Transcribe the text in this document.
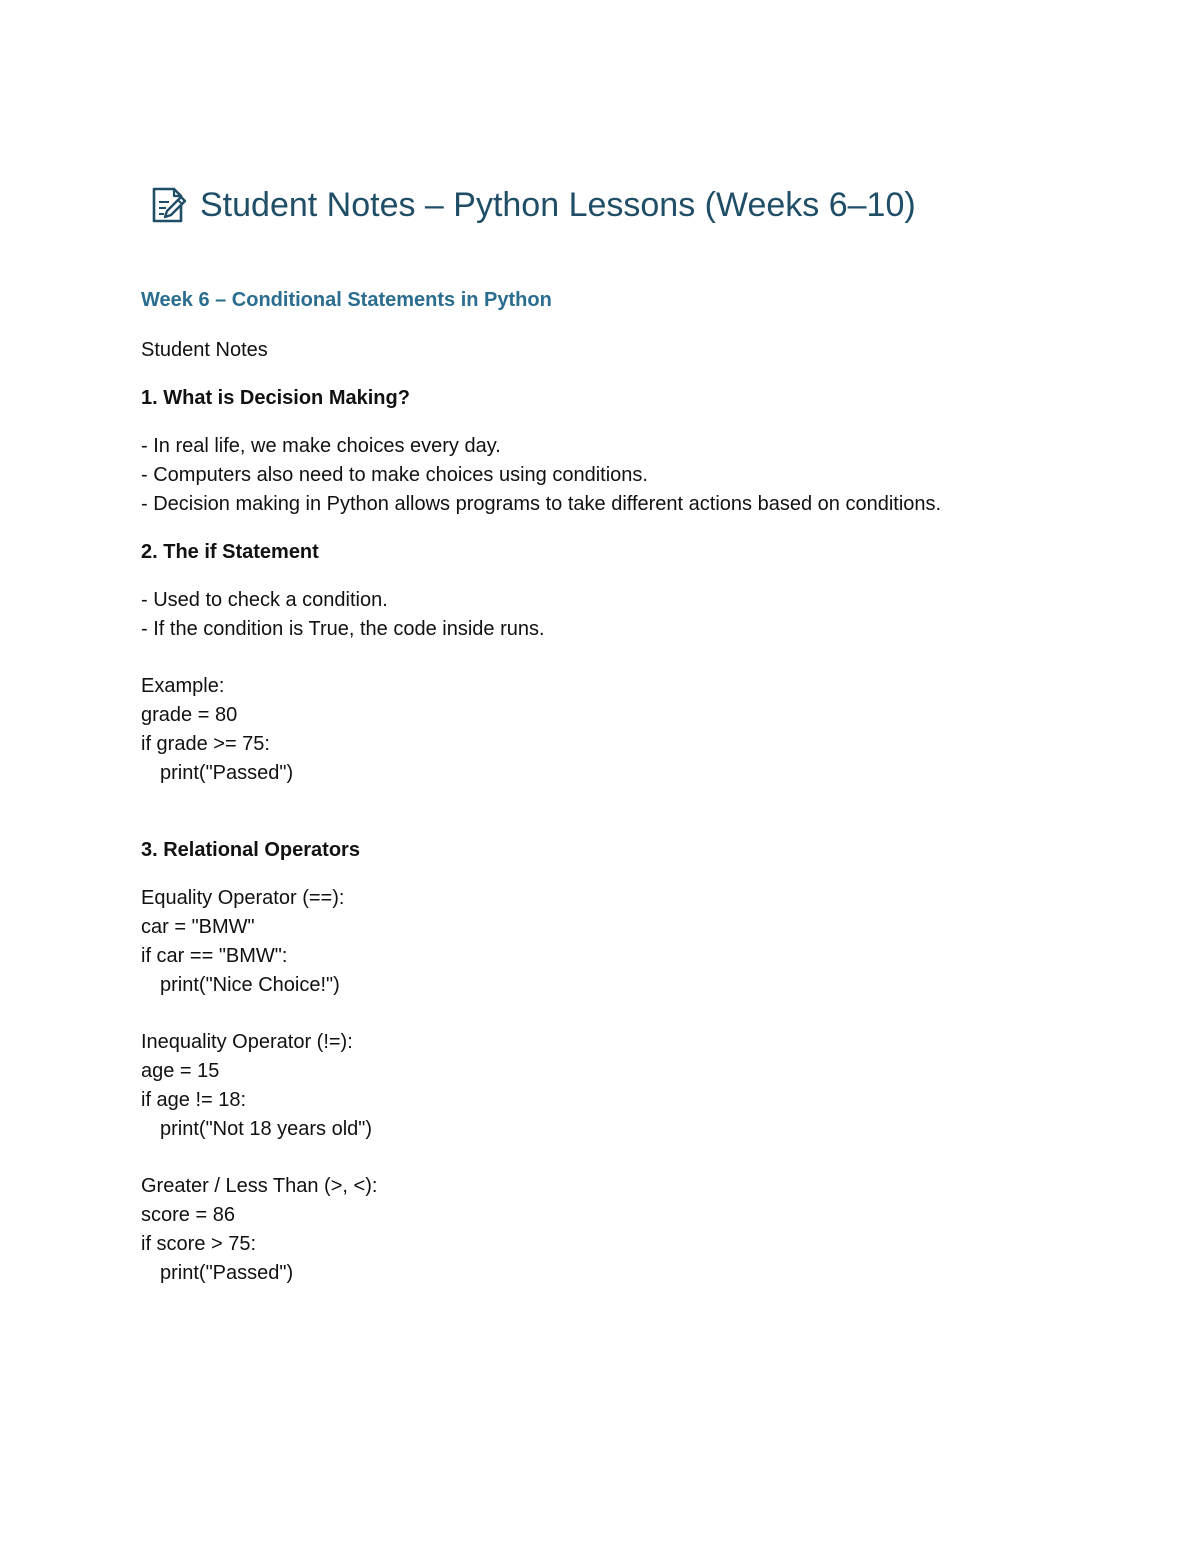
Student Notes – Python Lessons (Weeks 6–10)
Week 6 – Conditional Statements in Python
Student Notes
1. What is Decision Making?
- In real life, we make choices every day.
- Computers also need to make choices using conditions.
- Decision making in Python allows programs to take different actions based on conditions.
2. The if Statement
- Used to check a condition.
- If the condition is True, the code inside runs.
Example:
grade = 80
if grade >= 75:
print("Passed")
3. Relational Operators
Equality Operator (==):
car = "BMW"
if car == "BMW":
print("Nice Choice!")
Inequality Operator (!=):
age = 15
if age != 18:
print("Not 18 years old")
Greater / Less Than (>, <):
score = 86
if score > 75:
print("Passed")
